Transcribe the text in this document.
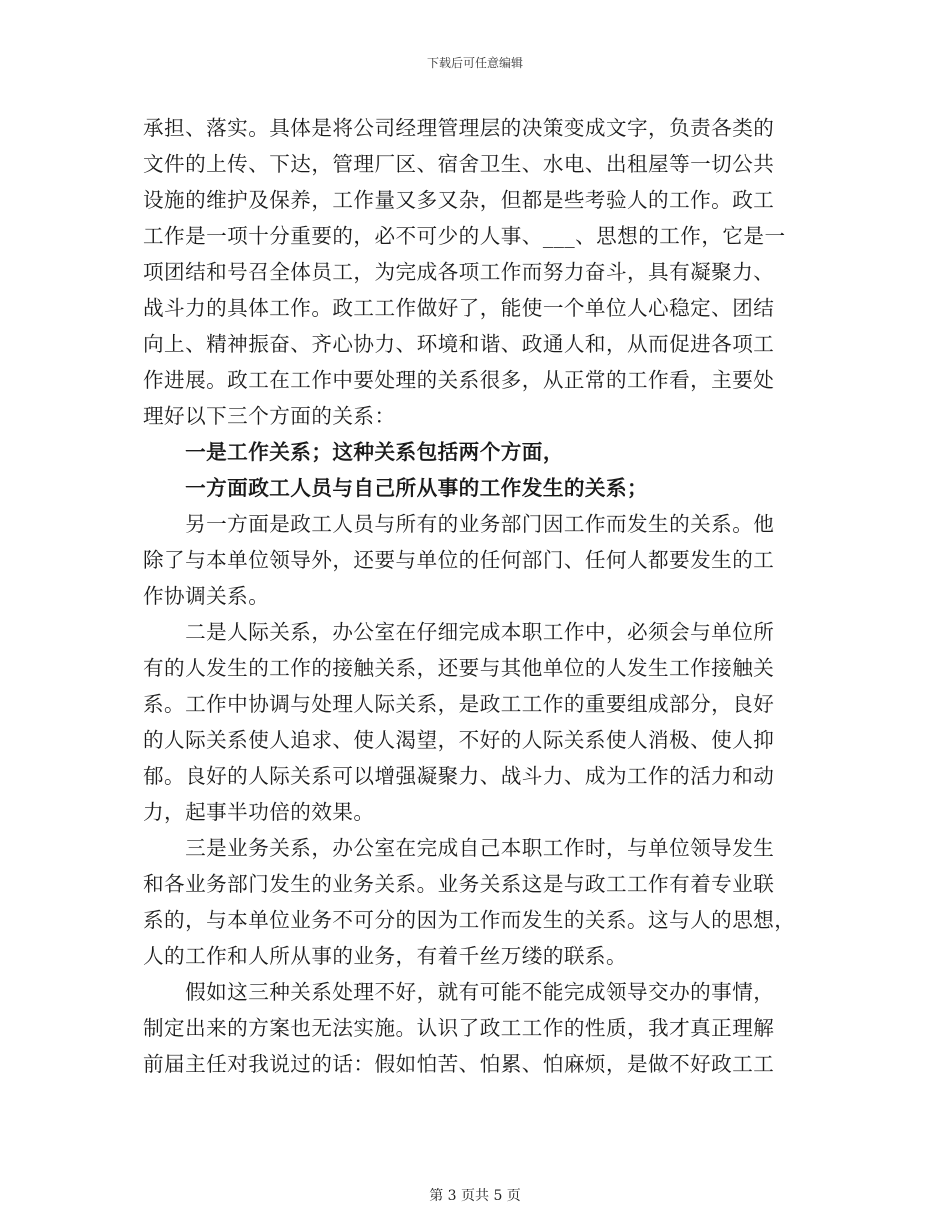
下载后可任意编辑

承担、落实。具体是将公司经理管理层的决策变成文字，负责各类的

文件的上传、下达，管理厂区、宿舍卫生、水电、出租屋等一切公共

设施的维护及保养，工作量又多又杂，但都是些考验人的工作。政工

工作是一项十分重要的，必不可少的人事、___、思想的工作，它是一

项团结和号召全体员工，为完成各项工作而努力奋斗，具有凝聚力、

战斗力的具体工作。政工工作做好了，能使一个单位人心稳定、团结

向上、精神振奋、齐心协力、环境和谐、政通人和，从而促进各项工

作进展。政工在工作中要处理的关系很多，从正常的工作看，主要处

理好以下三个方面的关系：

　　一是工作关系；这种关系包括两个方面，

　　一方面政工人员与自己所从事的工作发生的关系；

　　另一方面是政工人员与所有的业务部门因工作而发生的关系。他

除了与本单位领导外，还要与单位的任何部门、任何人都要发生的工

作协调关系。

　　二是人际关系，办公室在仔细完成本职工作中，必须会与单位所

有的人发生的工作的接触关系，还要与其他单位的人发生工作接触关

系。工作中协调与处理人际关系，是政工工作的重要组成部分，良好

的人际关系使人追求、使人渴望，不好的人际关系使人消极、使人抑

郁。良好的人际关系可以增强凝聚力、战斗力、成为工作的活力和动

力，起事半功倍的效果。

　　三是业务关系，办公室在完成自己本职工作时，与单位领导发生

和各业务部门发生的业务关系。业务关系这是与政工工作有着专业联

系的，与本单位业务不可分的因为工作而发生的关系。这与人的思想，

人的工作和人所从事的业务，有着千丝万缕的联系。

　　假如这三种关系处理不好，就有可能不能完成领导交办的事情，

制定出来的方案也无法实施。认识了政工工作的性质，我才真正理解

前届主任对我说过的话：假如怕苦、怕累、怕麻烦，是做不好政工工

第 3 页共 5 页
